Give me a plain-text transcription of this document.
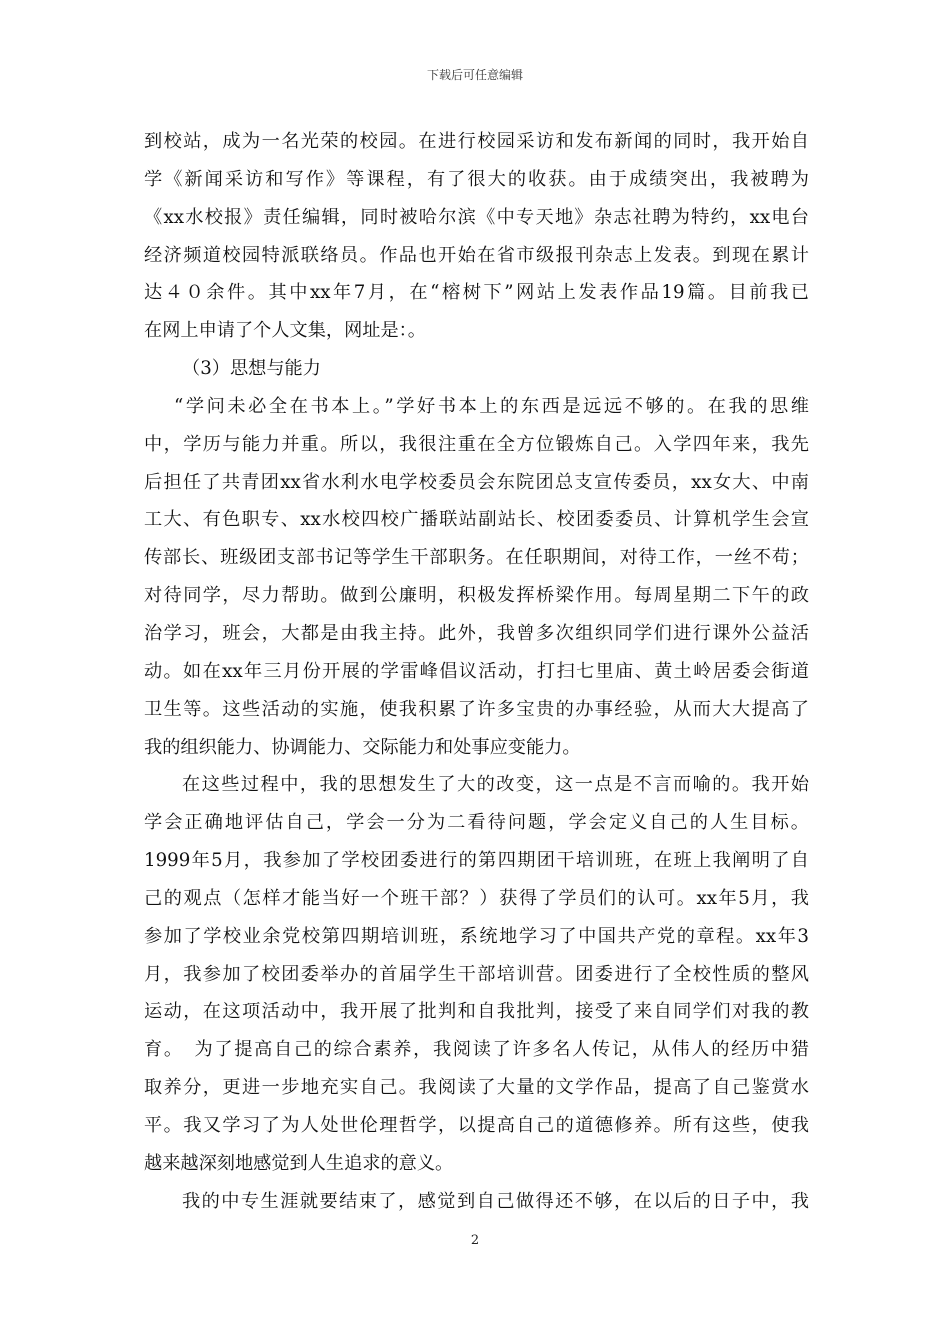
下载后可任意编辑
到校站，成为一名光荣的校园。在进行校园采访和发布新闻的同时，我开始自
学《新闻采访和写作》等课程，有了很大的收获。由于成绩突出，我被聘为
《xx水校报》责任编辑，同时被哈尔滨《中专天地》杂志社聘为特约，xx电台
经济频道校园特派联络员。作品也开始在省市级报刊杂志上发表。到现在累计
达４０余件。其中xx年7月，在“榕树下”网站上发表作品19篇。目前我已
在网上申请了个人文集，网址是：。
（3）思想与能力
“学问未必全在书本上。”学好书本上的东西是远远不够的。在我的思维
中，学历与能力并重。所以，我很注重在全方位锻炼自己。入学四年来，我先
后担任了共青团xx省水利水电学校委员会东院团总支宣传委员，xx女大、中南
工大、有色职专、xx水校四校广播联站副站长、校团委委员、计算机学生会宣
传部长、班级团支部书记等学生干部职务。在任职期间，对待工作，一丝不苟；
对待同学，尽力帮助。做到公廉明，积极发挥桥梁作用。每周星期二下午的政
治学习，班会，大都是由我主持。此外，我曾多次组织同学们进行课外公益活
动。如在xx年三月份开展的学雷峰倡议活动，打扫七里庙、黄土岭居委会街道
卫生等。这些活动的实施，使我积累了许多宝贵的办事经验，从而大大提高了
我的组织能力、协调能力、交际能力和处事应变能力。
在这些过程中，我的思想发生了大的改变，这一点是不言而喻的。我开始
学会正确地评估自己，学会一分为二看待问题，学会定义自己的人生目标。
1999年5月，我参加了学校团委进行的第四期团干培训班，在班上我阐明了自
己的观点（怎样才能当好一个班干部？）获得了学员们的认可。xx年5月，我
参加了学校业余党校第四期培训班，系统地学习了中国共产党的章程。xx年3
月，我参加了校团委举办的首届学生干部培训营。团委进行了全校性质的整风
运动，在这项活动中，我开展了批判和自我批判，接受了来自同学们对我的教
育。　为了提高自己的综合素养，我阅读了许多名人传记，从伟人的经历中猎
取养分，更进一步地充实自己。我阅读了大量的文学作品，提高了自己鉴赏水
平。我又学习了为人处世伦理哲学，以提高自己的道德修养。所有这些，使我
越来越深刻地感觉到人生追求的意义。
我的中专生涯就要结束了，感觉到自己做得还不够，在以后的日子中，我
2
